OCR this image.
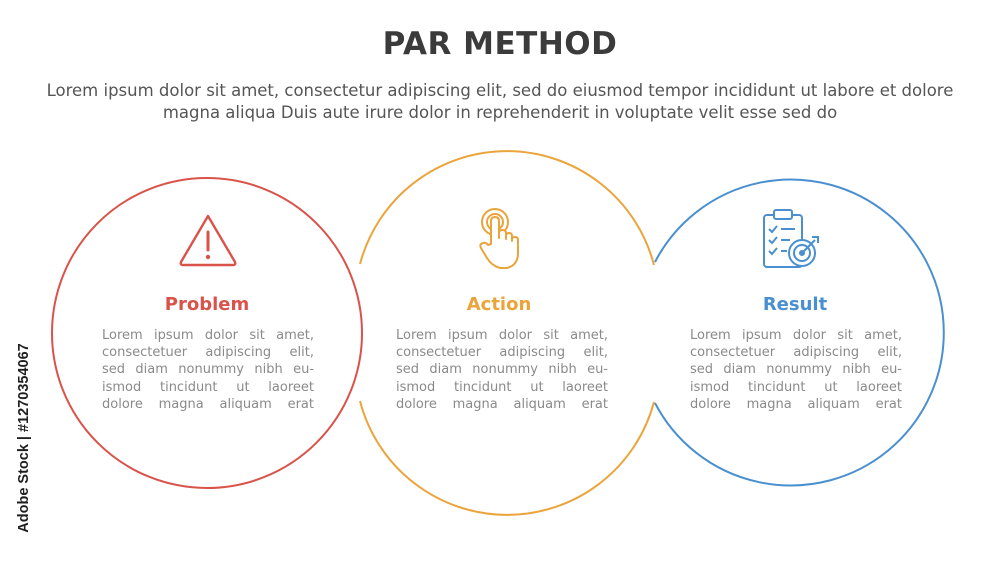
PAR METHOD
Lorem ipsum dolor sit amet, consectetur adipiscing elit, sed do eiusmod tempor incididunt ut labore et dolore magna aliqua Duis aute irure dolor in reprehenderit in voluptate velit esse sed do
Problem
Lorem ipsum dolor sit amet,
consectetuer adipiscing elit,
sed diam nonummy nibh eu-
ismod tincidunt ut laoreet
dolore magna aliquam erat
Action
Lorem ipsum dolor sit amet,
consectetuer adipiscing elit,
sed diam nonummy nibh eu-
ismod tincidunt ut laoreet
dolore magna aliquam erat
Result
Lorem ipsum dolor sit amet,
consectetuer adipiscing elit,
sed diam nonummy nibh eu-
ismod tincidunt ut laoreet
dolore magna aliquam erat
Adobe Stock | #1270354067
